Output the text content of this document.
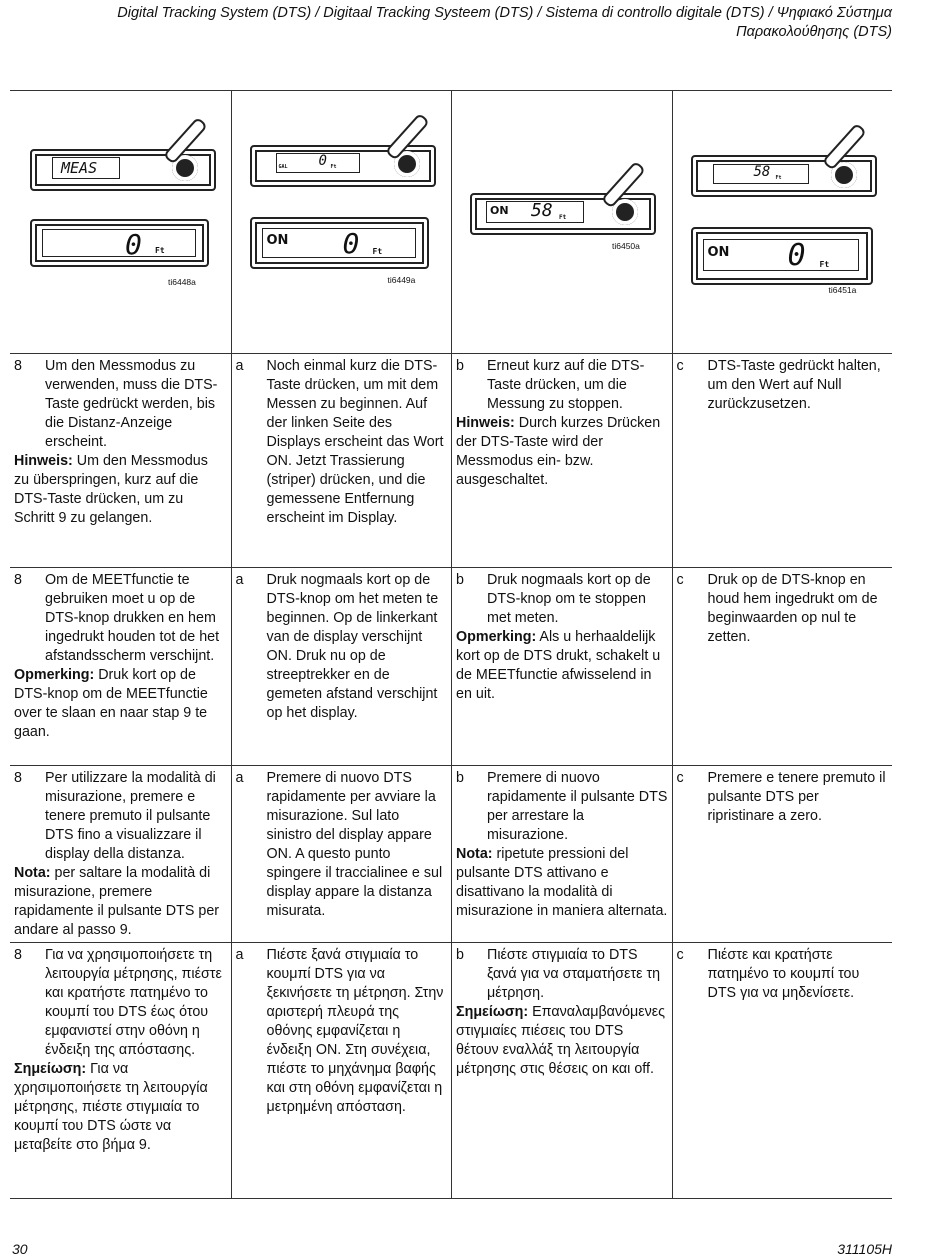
Digital Tracking System (DTS) / Digitaal Tracking Systeem (DTS) / Sistema di controllo digitale (DTS) / Ψηφιακό Σύστημα
Παρακολούθησης (DTS)
MEAS
0 Ft
ti6448a
GAL 0 Ft
ON 0 Ft
ti6449a
ON 58 Ft
ti6450a
58 Ft
ON 0 Ft
ti6451a
8	Um den Messmodus zu verwenden, muss die DTS-Taste gedrückt werden, bis die Distanz-Anzeige erscheint.
Hinweis: Um den Messmodus zu überspringen, kurz auf die DTS-Taste drücken, um zu Schritt 9 zu gelangen.
a	Noch einmal kurz die DTS-Taste drücken, um mit dem Messen zu beginnen. Auf der linken Seite des Displays erscheint das Wort ON. Jetzt Trassierung (striper) drücken, und die gemessene Entfernung erscheint im Display.
b	Erneut kurz auf die DTS-Taste drücken, um die Messung zu stoppen.
Hinweis: Durch kurzes Drücken der DTS-Taste wird der Messmodus ein- bzw. ausgeschaltet.
c	DTS-Taste gedrückt halten, um den Wert auf Null zurückzusetzen.
8	Om de MEETfunctie te gebruiken moet u op de DTS-knop drukken en hem ingedrukt houden tot de het afstandsscherm verschijnt.
Opmerking: Druk kort op de DTS-knop om de MEETfunctie over te slaan en naar stap 9 te gaan.
a	Druk nogmaals kort op de DTS-knop om het meten te beginnen. Op de linkerkant van de display verschijnt ON. Druk nu op de streeptrekker en de gemeten afstand verschijnt op het display.
b	Druk nogmaals kort op de DTS-knop om te stoppen met meten.
Opmerking: Als u herhaaldelijk kort op de DTS drukt, schakelt u de MEETfunctie afwisselend in en uit.
c	Druk op de DTS-knop en houd hem ingedrukt om de beginwaarden op nul te zetten.
8	Per utilizzare la modalità di misurazione, premere e tenere premuto il pulsante DTS fino a visualizzare il display della distanza.
Nota: per saltare la modalità di misurazione, premere rapidamente il pulsante DTS per andare al passo 9.
a	Premere di nuovo DTS rapidamente per avviare la misurazione. Sul lato sinistro del display appare ON. A questo punto spingere il traccialinee e sul display appare la distanza misurata.
b	Premere di nuovo rapidamente il pulsante DTS per arrestare la misurazione.
Nota: ripetute pressioni del pulsante DTS attivano e disattivano la modalità di misurazione in maniera alternata.
c	Premere e tenere premuto il pulsante DTS per ripristinare a zero.
8	Για να χρησιμοποιήσετε τη λειτουργία μέτρησης, πιέστε και κρατήστε πατημένο το κουμπί του DTS έως ότου εμφανιστεί στην οθόνη η ένδειξη της απόστασης.
Σημείωση: Για να χρησιμοποιήσετε τη λειτουργία μέτρησης, πιέστε στιγμιαία το κουμπί του DTS ώστε να μεταβείτε στο βήμα 9.
a	Πιέστε ξανά στιγμιαία το κουμπί DTS για να ξεκινήσετε τη μέτρηση. Στην αριστερή πλευρά της οθόνης εμφανίζεται η ένδειξη ON. Στη συνέχεια, πιέστε το μηχάνημα βαφής και στη οθόνη εμφανίζεται η μετρημένη απόσταση.
b	Πιέστε στιγμιαία το DTS ξανά για να σταματήσετε τη μέτρηση.
Σημείωση: Επαναλαμβανόμενες στιγμιαίες πιέσεις του DTS θέτουν εναλλάξ τη λειτουργία μέτρησης στις θέσεις on και off.
c	Πιέστε και κρατήστε πατημένο το κουμπί του DTS για να μηδενίσετε.
30	311105H
